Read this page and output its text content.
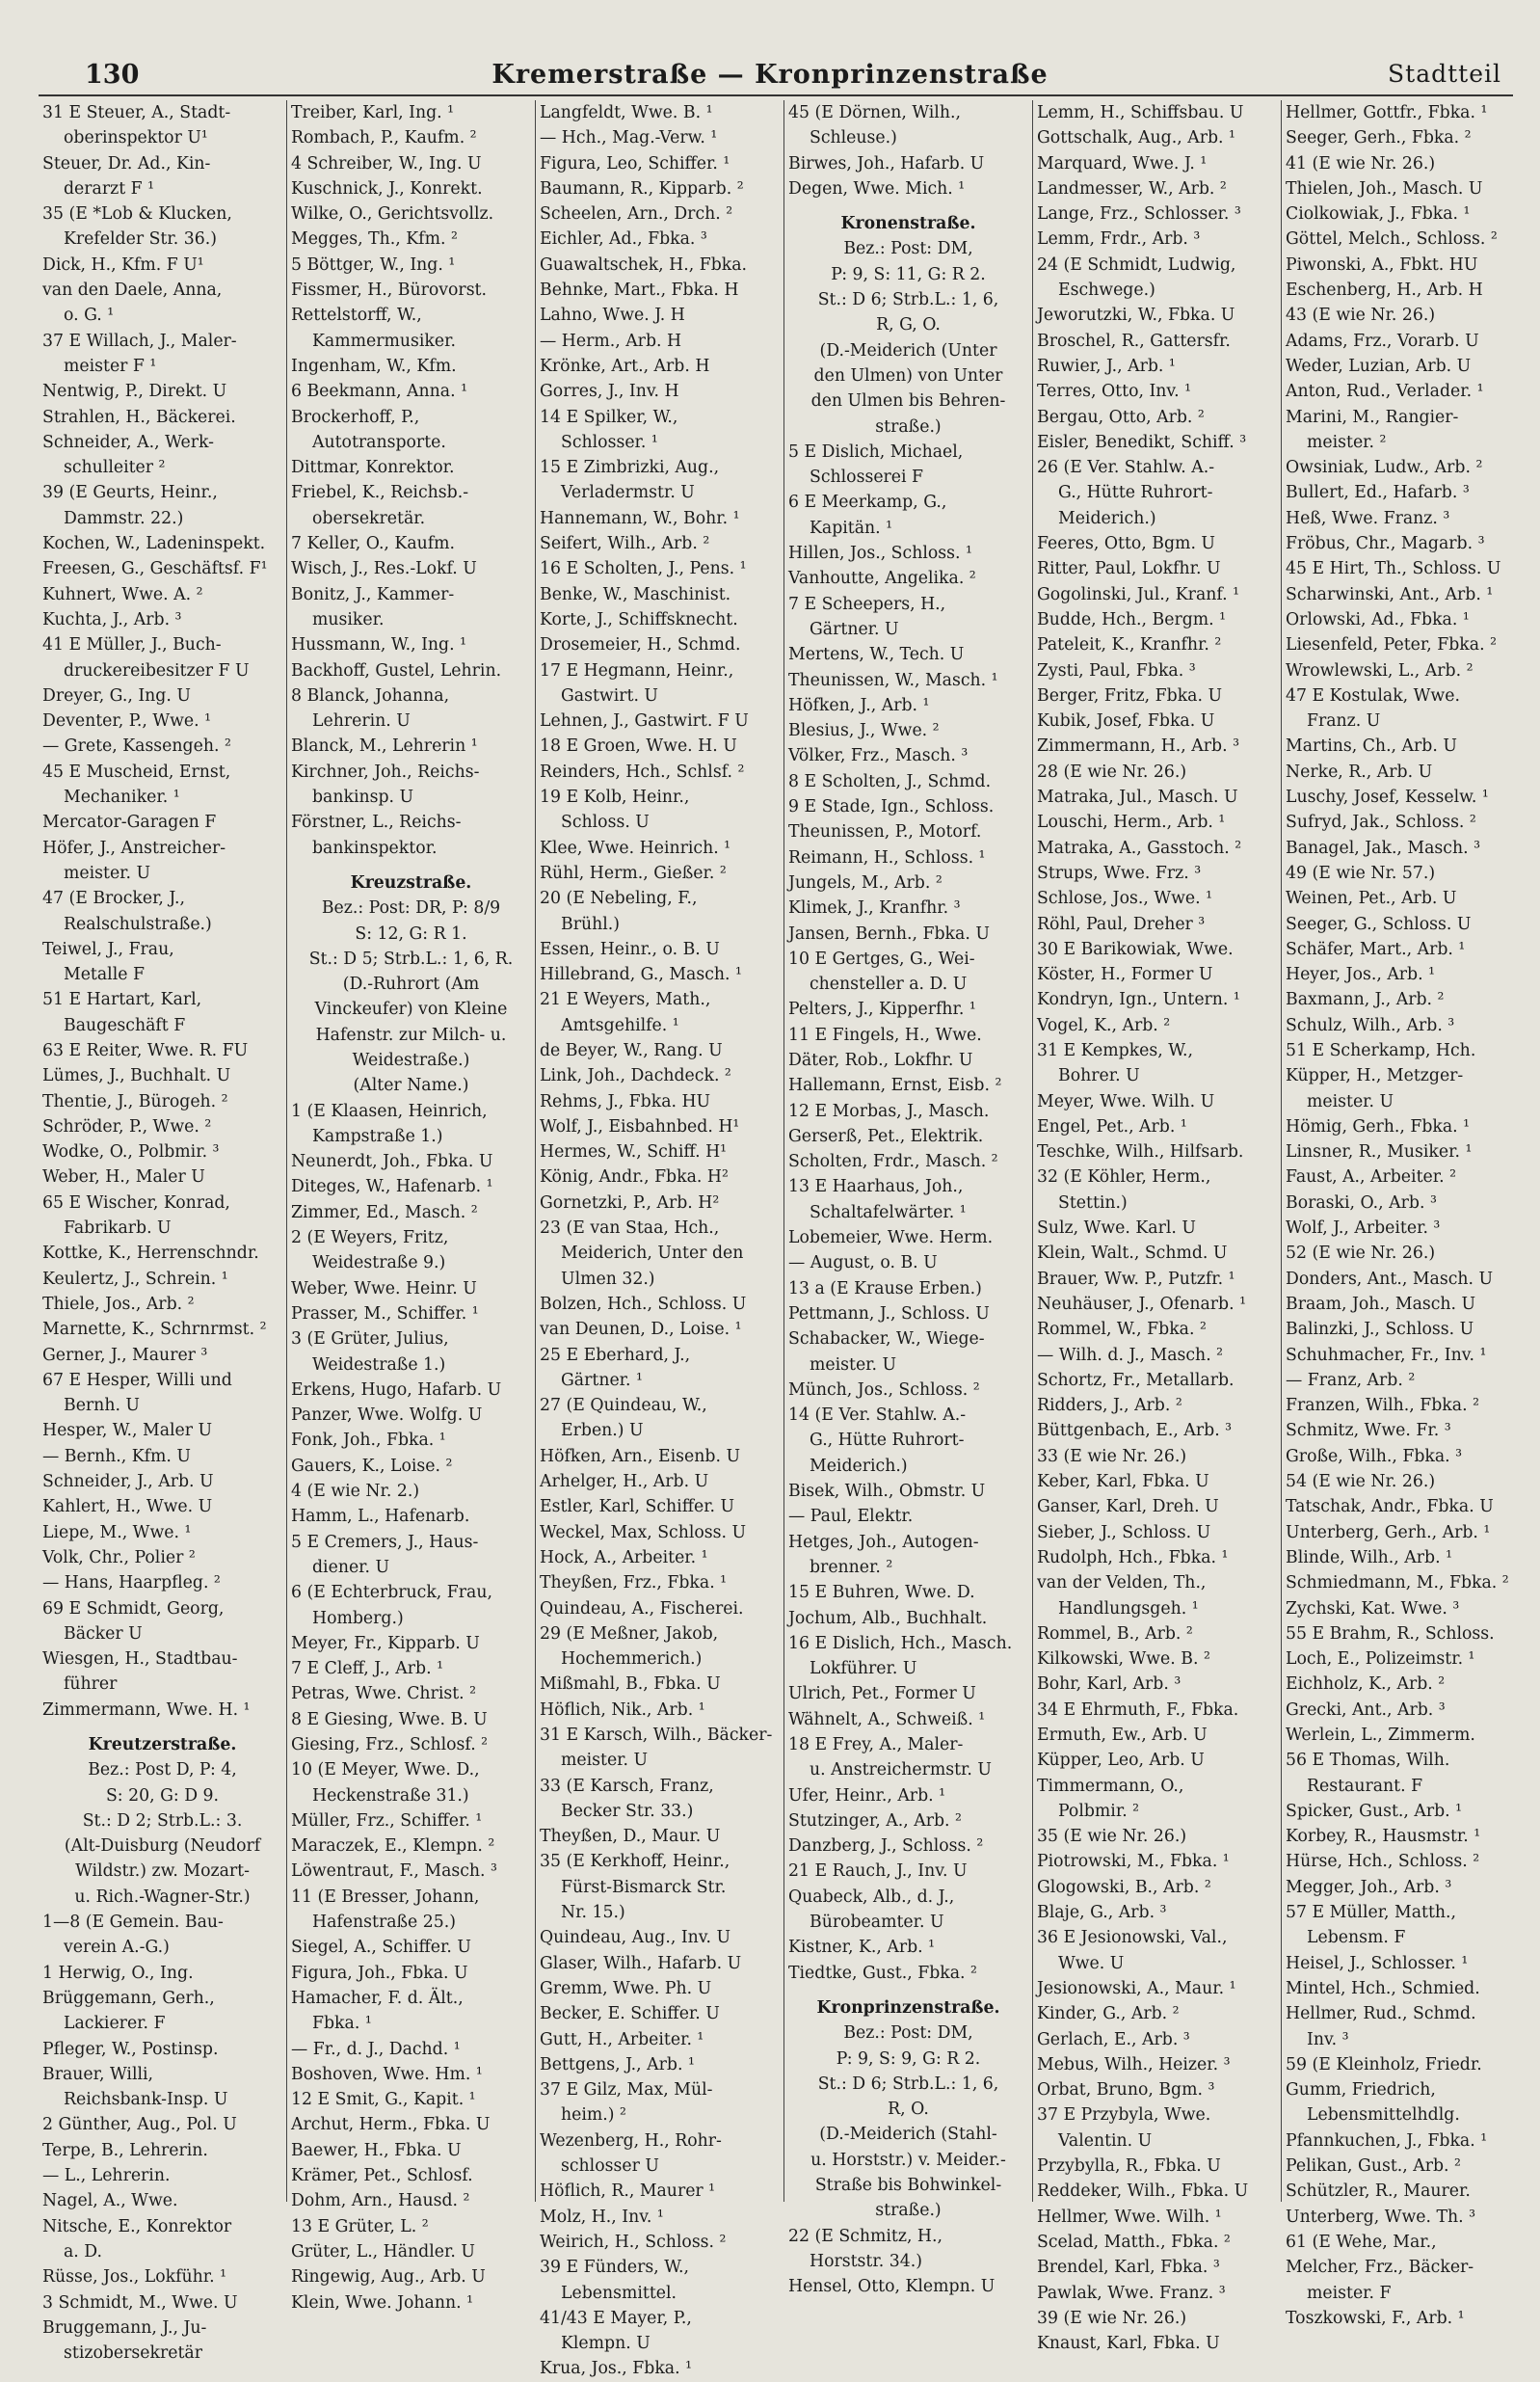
130	Kremerstraße — Kronprinzenstraße	Stadtteil
31 E Steuer, A., Stadt-
oberinspektor U¹
Steuer, Dr. Ad., Kin-
derarzt F ¹
35 (E *Lob & Klucken,
Krefelder Str. 36.)
Dick, H., Kfm. F U¹
van den Daele, Anna,
o. G. ¹
37 E Willach, J., Maler-
meister F ¹
Nentwig, P., Direkt. U
Strahlen, H., Bäckerei.
Schneider, A., Werk-
schulleiter ²
39 (E Geurts, Heinr.,
Dammstr. 22.)
Kochen, W., Ladeninspekt.
Freesen, G., Geschäftsf. F¹
Kuhnert, Wwe. A. ²
Kuchta, J., Arb. ³
41 E Müller, J., Buch-
druckereibesitzer F U
Dreyer, G., Ing. U
Deventer, P., Wwe. ¹
— Grete, Kassengeh. ²
45 E Muscheid, Ernst,
Mechaniker. ¹
Mercator-Garagen F
Höfer, J., Anstreicher-
meister. U
47 (E Brocker, J.,
Realschulstraße.)
Teiwel, J., Frau,
Metalle F
51 E Hartart, Karl,
Baugeschäft F
63 E Reiter, Wwe. R. FU
Lümes, J., Buchhalt. U
Thentie, J., Bürogeh. ²
Schröder, P., Wwe. ²
Wodke, O., Polbmir. ³
Weber, H., Maler U
65 E Wischer, Konrad,
Fabrikarb. U
Kottke, K., Herrenschndr.
Keulertz, J., Schrein. ¹
Thiele, Jos., Arb. ²
Marnette, K., Schrnrmst. ²
Gerner, J., Maurer ³
67 E Hesper, Willi und
Bernh. U
Hesper, W., Maler U
— Bernh., Kfm. U
Schneider, J., Arb. U
Kahlert, H., Wwe. U
Liepe, M., Wwe. ¹
Volk, Chr., Polier ²
— Hans, Haarpfleg. ²
69 E Schmidt, Georg,
Bäcker U
Wiesgen, H., Stadtbau-
führer
Zimmermann, Wwe. H. ¹
Kreutzerstraße.
Bez.: Post D, P: 4,
S: 20, G: D 9.
St.: D 2; Strb.L.: 3.
(Alt-Duisburg (Neudorf
Wildstr.) zw. Mozart-
u. Rich.-Wagner-Str.)
1—8 (E Gemein. Bau-
verein A.-G.)
1 Herwig, O., Ing.
Brüggemann, Gerh.,
Lackierer. F
Pfleger, W., Postinsp.
Brauer, Willi,
Reichsbank-Insp. U
2 Günther, Aug., Pol. U
Terpe, B., Lehrerin.
— L., Lehrerin.
Nagel, A., Wwe.
Nitsche, E., Konrektor
a. D.
Rüsse, Jos., Lokführ. ¹
3 Schmidt, M., Wwe. U
Bruggemann, J., Ju-
stizobersekretär
Treiber, Karl, Ing. ¹
Rombach, P., Kaufm. ²
4 Schreiber, W., Ing. U
Kuschnick, J., Konrekt.
Wilke, O., Gerichtsvollz.
Megges, Th., Kfm. ²
5 Böttger, W., Ing. ¹
Fissmer, H., Bürovorst.
Rettelstorff, W.,
Kammermusiker.
Ingenham, W., Kfm.
6 Beekmann, Anna. ¹
Brockerhoff, P.,
Autotransporte.
Dittmar, Konrektor.
Friebel, K., Reichsb.-
obersekretär.
7 Keller, O., Kaufm.
Wisch, J., Res.-Lokf. U
Bonitz, J., Kammer-
musiker.
Hussmann, W., Ing. ¹
Backhoff, Gustel, Lehrin.
8 Blanck, Johanna,
Lehrerin. U
Blanck, M., Lehrerin ¹
Kirchner, Joh., Reichs-
bankinsp. U
Förstner, L., Reichs-
bankinspektor.
Kreuzstraße.
Bez.: Post: DR, P: 8/9
S: 12, G: R 1.
St.: D 5; Strb.L.: 1, 6, R.
(D.-Ruhrort (Am
Vinckeufer) von Kleine
Hafenstr. zur Milch- u.
Weidestraße.)
(Alter Name.)
1 (E Klaasen, Heinrich,
Kampstraße 1.)
Neunerdt, Joh., Fbka. U
Diteges, W., Hafenarb. ¹
Zimmer, Ed., Masch. ²
2 (E Weyers, Fritz,
Weidestraße 9.)
Weber, Wwe. Heinr. U
Prasser, M., Schiffer. ¹
3 (E Grüter, Julius,
Weidestraße 1.)
Erkens, Hugo, Hafarb. U
Panzer, Wwe. Wolfg. U
Fonk, Joh., Fbka. ¹
Gauers, K., Loise. ²
4 (E wie Nr. 2.)
Hamm, L., Hafenarb.
5 E Cremers, J., Haus-
diener. U
6 (E Echterbruck, Frau,
Homberg.)
Meyer, Fr., Kipparb. U
7 E Cleff, J., Arb. ¹
Petras, Wwe. Christ. ²
8 E Giesing, Wwe. B. U
Giesing, Frz., Schlosf. ²
10 (E Meyer, Wwe. D.,
Heckenstraße 31.)
Müller, Frz., Schiffer. ¹
Maraczek, E., Klempn. ²
Löwentraut, F., Masch. ³
11 (E Bresser, Johann,
Hafenstraße 25.)
Siegel, A., Schiffer. U
Figura, Joh., Fbka. U
Hamacher, F. d. Ält.,
Fbka. ¹
— Fr., d. J., Dachd. ¹
Boshoven, Wwe. Hm. ¹
12 E Smit, G., Kapit. ¹
Archut, Herm., Fbka. U
Baewer, H., Fbka. U
Krämer, Pet., Schlosf.
Dohm, Arn., Hausd. ²
13 E Grüter, L. ²
Grüter, L., Händler. U
Ringewig, Aug., Arb. U
Klein, Wwe. Johann. ¹
Langfeldt, Wwe. B. ¹
— Hch., Mag.-Verw. ¹
Figura, Leo, Schiffer. ¹
Baumann, R., Kipparb. ²
Scheelen, Arn., Drch. ²
Eichler, Ad., Fbka. ³
Guawaltschek, H., Fbka.
Behnke, Mart., Fbka. H
Lahno, Wwe. J. H
— Herm., Arb. H
Krönke, Art., Arb. H
Gorres, J., Inv. H
14 E Spilker, W.,
Schlosser. ¹
15 E Zimbrizki, Aug.,
Verladermstr. U
Hannemann, W., Bohr. ¹
Seifert, Wilh., Arb. ²
16 E Scholten, J., Pens. ¹
Benke, W., Maschinist.
Korte, J., Schiffsknecht.
Drosemeier, H., Schmd.
17 E Hegmann, Heinr.,
Gastwirt. U
Lehnen, J., Gastwirt. F U
18 E Groen, Wwe. H. U
Reinders, Hch., Schlsf. ²
19 E Kolb, Heinr.,
Schloss. U
Klee, Wwe. Heinrich. ¹
Rühl, Herm., Gießer. ²
20 (E Nebeling, F.,
Brühl.)
Essen, Heinr., o. B. U
Hillebrand, G., Masch. ¹
21 E Weyers, Math.,
Amtsgehilfe. ¹
de Beyer, W., Rang. U
Link, Joh., Dachdeck. ²
Rehms, J., Fbka. HU
Wolf, J., Eisbahnbed. H¹
Hermes, W., Schiff. H¹
König, Andr., Fbka. H²
Gornetzki, P., Arb. H²
23 (E van Staa, Hch.,
Meiderich, Unter den
Ulmen 32.)
Bolzen, Hch., Schloss. U
van Deunen, D., Loise. ¹
25 E Eberhard, J.,
Gärtner. ¹
27 (E Quindeau, W.,
Erben.) U
Höfken, Arn., Eisenb. U
Arhelger, H., Arb. U
Estler, Karl, Schiffer. U
Weckel, Max, Schloss. U
Hock, A., Arbeiter. ¹
Theyßen, Frz., Fbka. ¹
Quindeau, A., Fischerei.
29 (E Meßner, Jakob,
Hochemmerich.)
Mißmahl, B., Fbka. U
Höflich, Nik., Arb. ¹
31 E Karsch, Wilh., Bäcker-
meister. U
33 (E Karsch, Franz,
Becker Str. 33.)
Theyßen, D., Maur. U
35 (E Kerkhoff, Heinr.,
Fürst-Bismarck Str.
Nr. 15.)
Quindeau, Aug., Inv. U
Glaser, Wilh., Hafarb. U
Gremm, Wwe. Ph. U
Becker, E. Schiffer. U
Gutt, H., Arbeiter. ¹
Bettgens, J., Arb. ¹
37 E Gilz, Max, Mül-
heim.) ²
Wezenberg, H., Rohr-
schlosser U
Höflich, R., Maurer ¹
Molz, H., Inv. ¹
Weirich, H., Schloss. ²
39 E Fünders, W.,
Lebensmittel.
41/43 E Mayer, P.,
Klempn. U
Krua, Jos., Fbka. ¹
45 (E Dörnen, Wilh.,
Schleuse.)
Birwes, Joh., Hafarb. U
Degen, Wwe. Mich. ¹
Kronenstraße.
Bez.: Post: DM,
P: 9, S: 11, G: R 2.
St.: D 6; Strb.L.: 1, 6,
R, G, O.
(D.-Meiderich (Unter
den Ulmen) von Unter
den Ulmen bis Behren-
straße.)
5 E Dislich, Michael,
Schlosserei F
6 E Meerkamp, G.,
Kapitän. ¹
Hillen, Jos., Schloss. ¹
Vanhoutte, Angelika. ²
7 E Scheepers, H.,
Gärtner. U
Mertens, W., Tech. U
Theunissen, W., Masch. ¹
Höfken, J., Arb. ¹
Blesius, J., Wwe. ²
Völker, Frz., Masch. ³
8 E Scholten, J., Schmd.
9 E Stade, Ign., Schloss.
Theunissen, P., Motorf.
Reimann, H., Schloss. ¹
Jungels, M., Arb. ²
Klimek, J., Kranfhr. ³
Jansen, Bernh., Fbka. U
10 E Gertges, G., Wei-
chensteller a. D. U
Pelters, J., Kipperfhr. ¹
11 E Fingels, H., Wwe.
Däter, Rob., Lokfhr. U
Hallemann, Ernst, Eisb. ²
12 E Morbas, J., Masch.
Gerserß, Pet., Elektrik.
Scholten, Frdr., Masch. ²
13 E Haarhaus, Joh.,
Schaltafelwärter. ¹
Lobemeier, Wwe. Herm.
— August, o. B. U
13 a (E Krause Erben.)
Pettmann, J., Schloss. U
Schabacker, W., Wiege-
meister. U
Münch, Jos., Schloss. ²
14 (E Ver. Stahlw. A.-
G., Hütte Ruhrort-
Meiderich.)
Bisek, Wilh., Obmstr. U
— Paul, Elektr.
Hetges, Joh., Autogen-
brenner. ²
15 E Buhren, Wwe. D.
Jochum, Alb., Buchhalt.
16 E Dislich, Hch., Masch.
Lokführer. U
Ulrich, Pet., Former U
Wähnelt, A., Schweiß. ¹
18 E Frey, A., Maler-
u. Anstreichermstr. U
Ufer, Heinr., Arb. ¹
Stutzinger, A., Arb. ²
Danzberg, J., Schloss. ²
21 E Rauch, J., Inv. U
Quabeck, Alb., d. J.,
Bürobeamter. U
Kistner, K., Arb. ¹
Tiedtke, Gust., Fbka. ²
Kronprinzenstraße.
Bez.: Post: DM,
P: 9, S: 9, G: R 2.
St.: D 6; Strb.L.: 1, 6,
R, O.
(D.-Meiderich (Stahl-
u. Horststr.) v. Meider.-
Straße bis Bohwinkel-
straße.)
22 (E Schmitz, H.,
Horststr. 34.)
Hensel, Otto, Klempn. U
Lemm, H., Schiffsbau. U
Gottschalk, Aug., Arb. ¹
Marquard, Wwe. J. ¹
Landmesser, W., Arb. ²
Lange, Frz., Schlosser. ³
Lemm, Frdr., Arb. ³
24 (E Schmidt, Ludwig,
Eschwege.)
Jeworutzki, W., Fbka. U
Broschel, R., Gattersfr.
Ruwier, J., Arb. ¹
Terres, Otto, Inv. ¹
Bergau, Otto, Arb. ²
Eisler, Benedikt, Schiff. ³
26 (E Ver. Stahlw. A.-
G., Hütte Ruhrort-
Meiderich.)
Feeres, Otto, Bgm. U
Ritter, Paul, Lokfhr. U
Gogolinski, Jul., Kranf. ¹
Budde, Hch., Bergm. ¹
Pateleit, K., Kranfhr. ²
Zysti, Paul, Fbka. ³
Berger, Fritz, Fbka. U
Kubik, Josef, Fbka. U
Zimmermann, H., Arb. ³
28 (E wie Nr. 26.)
Matraka, Jul., Masch. U
Louschi, Herm., Arb. ¹
Matraka, A., Gasstoch. ²
Strups, Wwe. Frz. ³
Schlose, Jos., Wwe. ¹
Röhl, Paul, Dreher ³
30 E Barikowiak, Wwe.
Köster, H., Former U
Kondryn, Ign., Untern. ¹
Vogel, K., Arb. ²
31 E Kempkes, W.,
Bohrer. U
Meyer, Wwe. Wilh. U
Engel, Pet., Arb. ¹
Teschke, Wilh., Hilfsarb.
32 (E Köhler, Herm.,
Stettin.)
Sulz, Wwe. Karl. U
Klein, Walt., Schmd. U
Brauer, Ww. P., Putzfr. ¹
Neuhäuser, J., Ofenarb. ¹
Rommel, W., Fbka. ²
— Wilh. d. J., Masch. ²
Schortz, Fr., Metallarb.
Ridders, J., Arb. ²
Büttgenbach, E., Arb. ³
33 (E wie Nr. 26.)
Keber, Karl, Fbka. U
Ganser, Karl, Dreh. U
Sieber, J., Schloss. U
Rudolph, Hch., Fbka. ¹
van der Velden, Th.,
Handlungsgeh. ¹
Rommel, B., Arb. ²
Kilkowski, Wwe. B. ²
Bohr, Karl, Arb. ³
34 E Ehrmuth, F., Fbka.
Ermuth, Ew., Arb. U
Küpper, Leo, Arb. U
Timmermann, O.,
Polbmir. ²
35 (E wie Nr. 26.)
Piotrowski, M., Fbka. ¹
Glogowski, B., Arb. ²
Blaje, G., Arb. ³
36 E Jesionowski, Val.,
Wwe. U
Jesionowski, A., Maur. ¹
Kinder, G., Arb. ²
Gerlach, E., Arb. ³
Mebus, Wilh., Heizer. ³
Orbat, Bruno, Bgm. ³
37 E Przybyla, Wwe.
Valentin. U
Przybylla, R., Fbka. U
Reddeker, Wilh., Fbka. U
Hellmer, Wwe. Wilh. ¹
Scelad, Matth., Fbka. ²
Brendel, Karl, Fbka. ³
Pawlak, Wwe. Franz. ³
39 (E wie Nr. 26.)
Knaust, Karl, Fbka. U
Hellmer, Gottfr., Fbka. ¹
Seeger, Gerh., Fbka. ²
41 (E wie Nr. 26.)
Thielen, Joh., Masch. U
Ciolkowiak, J., Fbka. ¹
Göttel, Melch., Schloss. ²
Piwonski, A., Fbkt. HU
Eschenberg, H., Arb. H
43 (E wie Nr. 26.)
Adams, Frz., Vorarb. U
Weder, Luzian, Arb. U
Anton, Rud., Verlader. ¹
Marini, M., Rangier-
meister. ²
Owsiniak, Ludw., Arb. ²
Bullert, Ed., Hafarb. ³
Heß, Wwe. Franz. ³
Fröbus, Chr., Magarb. ³
45 E Hirt, Th., Schloss. U
Scharwinski, Ant., Arb. ¹
Orlowski, Ad., Fbka. ¹
Liesenfeld, Peter, Fbka. ²
Wrowlewski, L., Arb. ²
47 E Kostulak, Wwe.
Franz. U
Martins, Ch., Arb. U
Nerke, R., Arb. U
Luschy, Josef, Kesselw. ¹
Sufryd, Jak., Schloss. ²
Banagel, Jak., Masch. ³
49 (E wie Nr. 57.)
Weinen, Pet., Arb. U
Seeger, G., Schloss. U
Schäfer, Mart., Arb. ¹
Heyer, Jos., Arb. ¹
Baxmann, J., Arb. ²
Schulz, Wilh., Arb. ³
51 E Scherkamp, Hch.
Küpper, H., Metzger-
meister. U
Hömig, Gerh., Fbka. ¹
Linsner, R., Musiker. ¹
Faust, A., Arbeiter. ²
Boraski, O., Arb. ³
Wolf, J., Arbeiter. ³
52 (E wie Nr. 26.)
Donders, Ant., Masch. U
Braam, Joh., Masch. U
Balinzki, J., Schloss. U
Schuhmacher, Fr., Inv. ¹
— Franz, Arb. ²
Franzen, Wilh., Fbka. ²
Schmitz, Wwe. Fr. ³
Große, Wilh., Fbka. ³
54 (E wie Nr. 26.)
Tatschak, Andr., Fbka. U
Unterberg, Gerh., Arb. ¹
Blinde, Wilh., Arb. ¹
Schmiedmann, M., Fbka. ²
Zychski, Kat. Wwe. ³
55 E Brahm, R., Schloss.
Loch, E., Polizeimstr. ¹
Eichholz, K., Arb. ²
Grecki, Ant., Arb. ³
Werlein, L., Zimmerm.
56 E Thomas, Wilh.
Restaurant. F
Spicker, Gust., Arb. ¹
Korbey, R., Hausmstr. ¹
Hürse, Hch., Schloss. ²
Megger, Joh., Arb. ³
57 E Müller, Matth.,
Lebensm. F
Heisel, J., Schlosser. ¹
Mintel, Hch., Schmied.
Hellmer, Rud., Schmd.
Inv. ³
59 (E Kleinholz, Friedr.
Gumm, Friedrich,
Lebensmittelhdlg.
Pfannkuchen, J., Fbka. ¹
Pelikan, Gust., Arb. ²
Schützler, R., Maurer.
Unterberg, Wwe. Th. ³
61 (E Wehe, Mar.,
Melcher, Frz., Bäcker-
meister. F
Toszkowski, F., Arb. ¹
